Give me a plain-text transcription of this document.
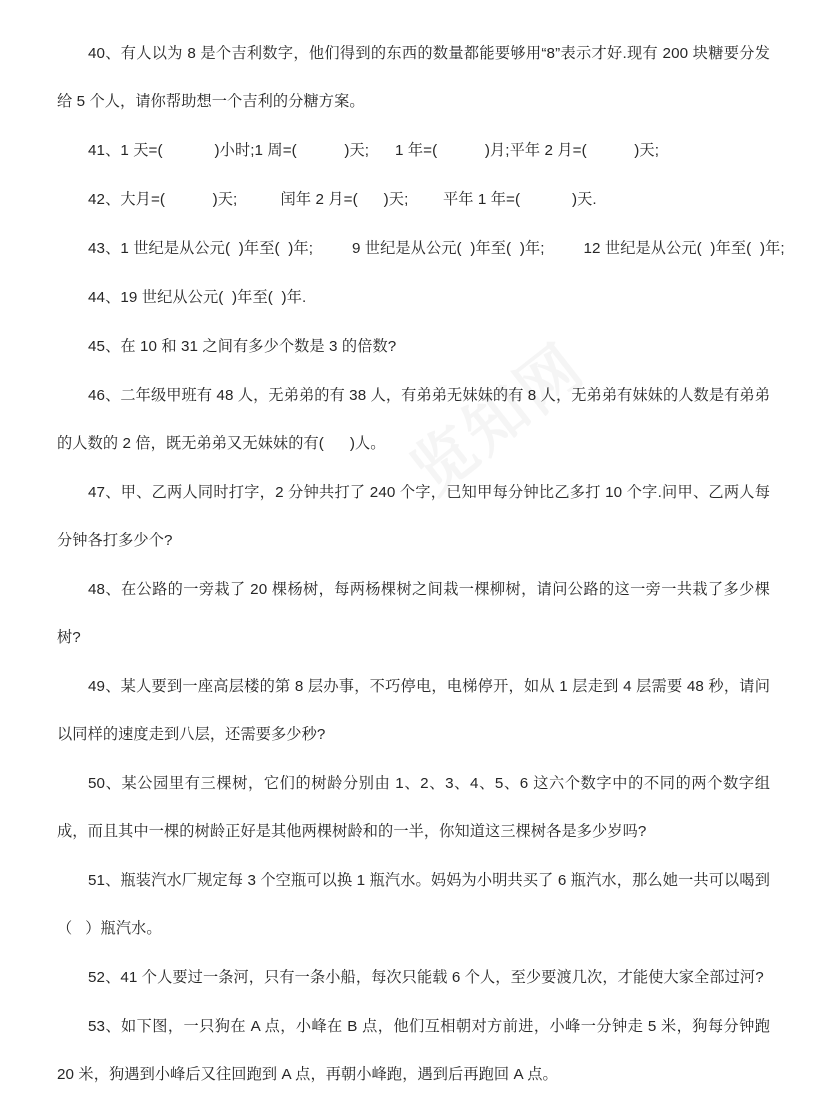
览知网

40、有人以为 8 是个吉利数字，他们得到的东西的数量都能要够用“8”表示才好.现有 200 块糖要分发给 5 个人，请你帮助想一个吉利的分糖方案。

41、1 天=(            )小时;1 周=(           )天;      1 年=(           )月;平年 2 月=(           )天;

42、大月=(           )天;          闰年 2 月=(      )天;        平年 1 年=(            )天.

43、1 世纪是从公元(  )年至(  )年;         9 世纪是从公元(  )年至(  )年;         12 世纪是从公元(  )年至(  )年;

44、19 世纪从公元(  )年至(  )年.

45、在 10 和 31 之间有多少个数是 3 的倍数?

46、二年级甲班有 48 人，无弟弟的有 38 人，有弟弟无妹妹的有 8 人，无弟弟有妹妹的人数是有弟弟的人数的 2 倍，既无弟弟又无妹妹的有(      )人。

47、甲、乙两人同时打字，2 分钟共打了 240 个字，已知甲每分钟比乙多打 10 个字.问甲、乙两人每分钟各打多少个?

48、在公路的一旁栽了 20 棵杨树，每两杨棵树之间栽一棵柳树，请问公路的这一旁一共栽了多少棵树?

49、某人要到一座高层楼的第 8 层办事，不巧停电，电梯停开，如从 1 层走到 4 层需要 48 秒，请问以同样的速度走到八层，还需要多少秒?

50、某公园里有三棵树，它们的树龄分别由 1、2、3、4、5、6 这六个数字中的不同的两个数字组成，而且其中一棵的树龄正好是其他两棵树龄和的一半，你知道这三棵树各是多少岁吗?

51、瓶装汽水厂规定每 3 个空瓶可以换 1 瓶汽水。妈妈为小明共买了 6 瓶汽水，那么她一共可以喝到（   ）瓶汽水。

52、41 个人要过一条河，只有一条小船，每次只能载 6 个人，至少要渡几次，才能使大家全部过河?

53、如下图，一只狗在 A 点，小峰在 B 点，他们互相朝对方前进，小峰一分钟走 5 米，狗每分钟跑 20 米，狗遇到小峰后又往回跑到 A 点，再朝小峰跑，遇到后再跑回 A 点。
